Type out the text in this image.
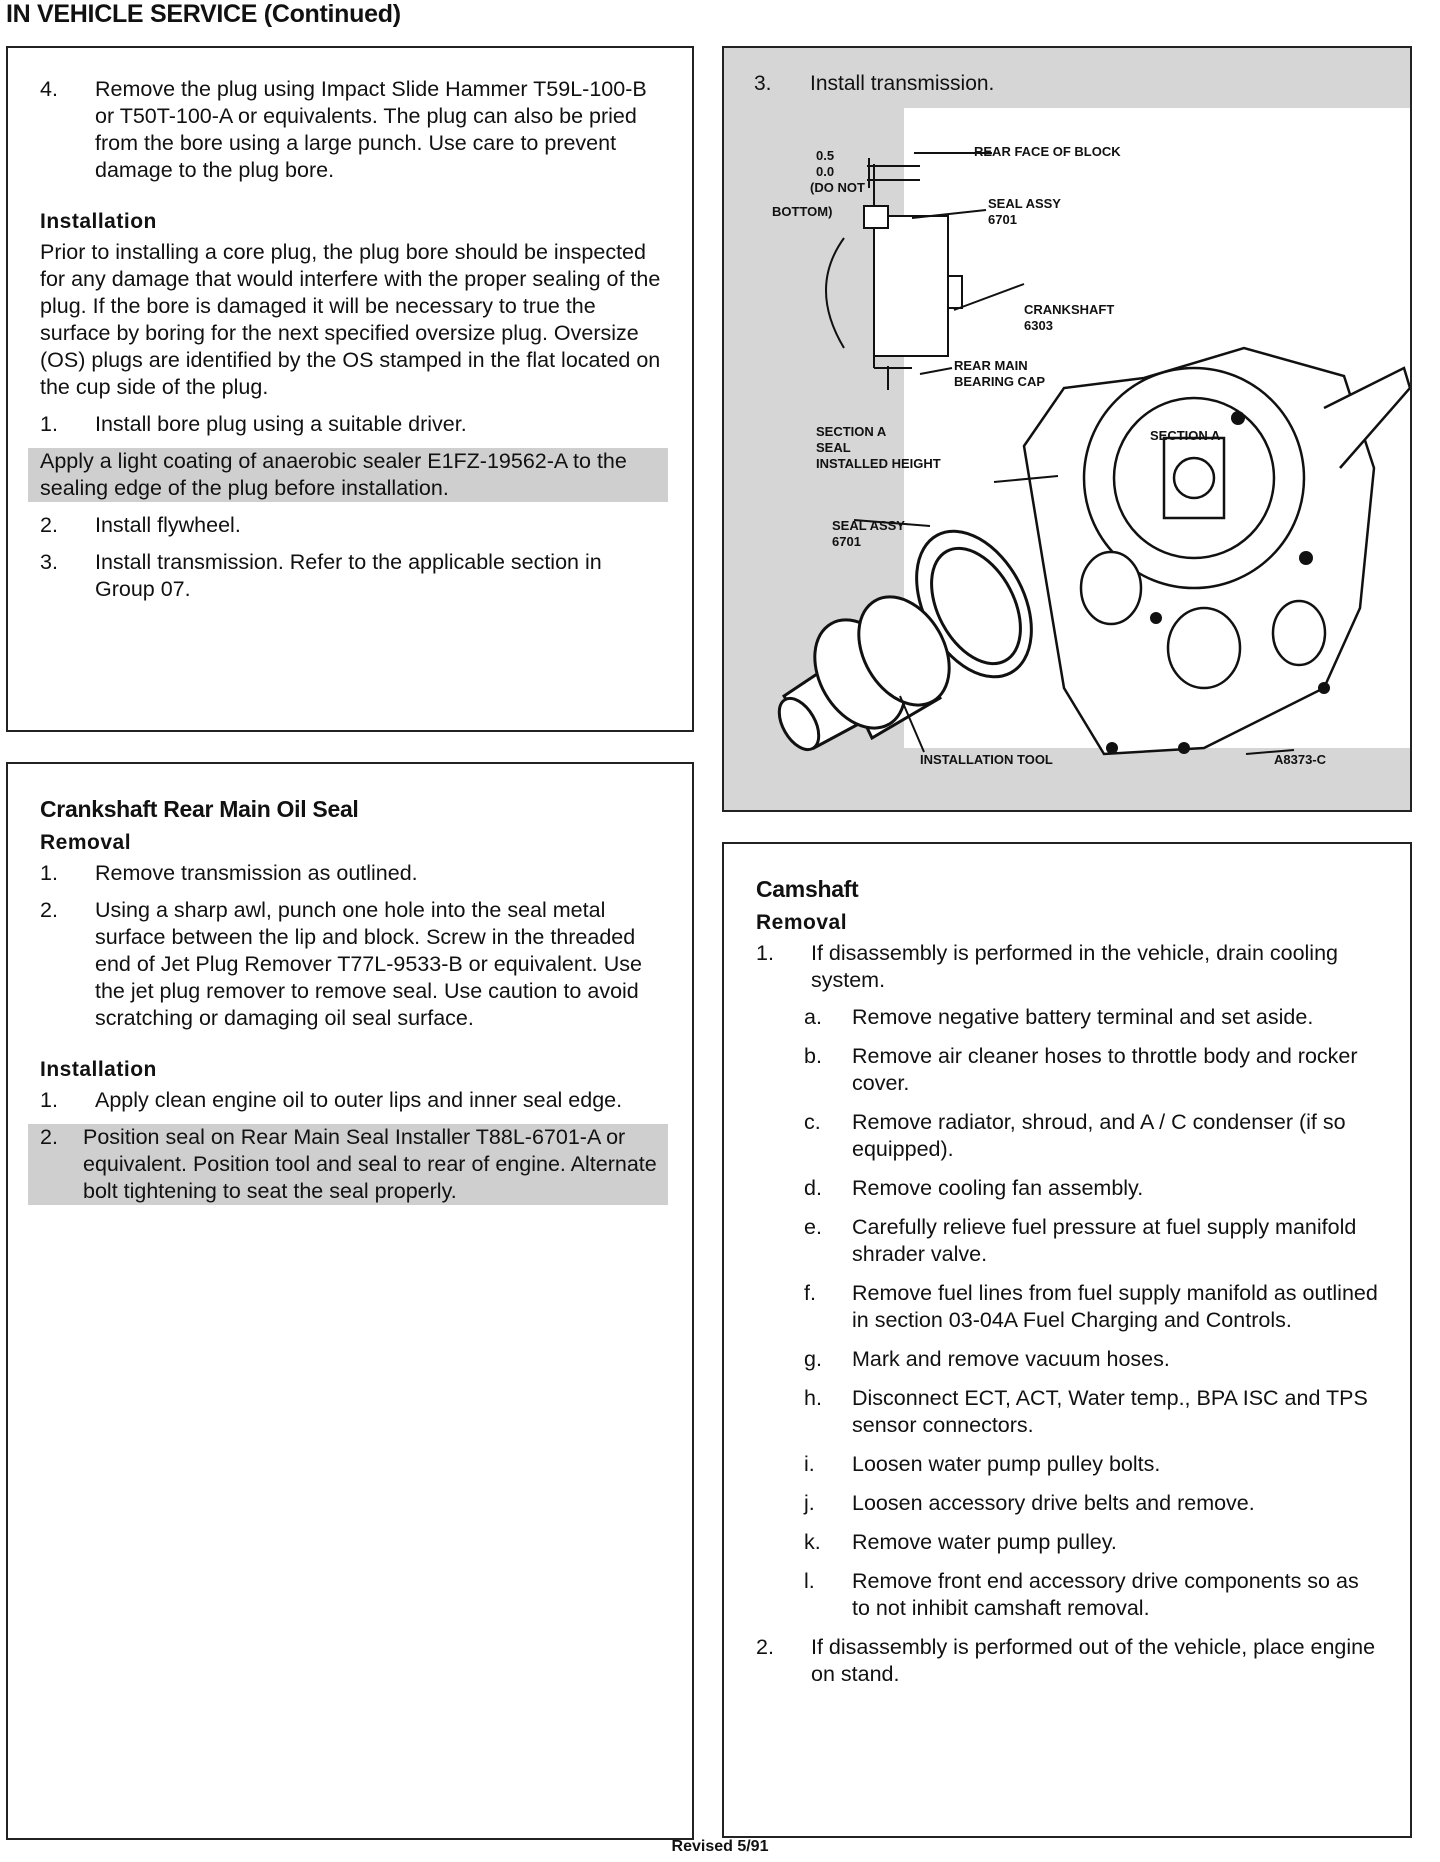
IN VEHICLE SERVICE (Continued)
4.	Remove the plug using Impact Slide Hammer T59L-100-B or T50T-100-A or equivalents. The plug can also be pried from the bore using a large punch. Use care to prevent damage to the plug bore.
Installation

Prior to installing a core plug, the plug bore should be inspected for any damage that would interfere with the proper sealing of the plug. If the bore is damaged it will be necessary to true the surface by boring for the next specified oversize plug. Oversize (OS) plugs are identified by the OS stamped in the flat located on the cup side of the plug.

1.	Install bore plug using a suitable driver.

Apply a light coating of anaerobic sealer E1FZ-19562-A to the sealing edge of the plug before installation.

2.	Install flywheel.
3.	Install transmission. Refer to the applicable section in Group 07.
Crankshaft Rear Main Oil Seal
Removal
1.	Remove transmission as outlined.
2.	Using a sharp awl, punch one hole into the seal metal surface between the lip and block. Screw in the threaded end of Jet Plug Remover T77L-9533-B or equivalent. Use the jet plug remover to remove seal. Use caution to avoid scratching or damaging oil seal surface.
Installation
1.	Apply clean engine oil to outer lips and inner seal edge.
2.	Position seal on Rear Main Seal Installer T88L-6701-A or equivalent. Position tool and seal to rear of engine. Alternate bolt tightening to seat the seal properly.
3. Install transmission.
0.5
0.0
(DO NOT
BOTTOM)
REAR FACE OF BLOCK
SEAL ASSY
6701
CRANKSHAFT
6303
REAR MAIN
BEARING CAP
SECTION A
SEAL
INSTALLED HEIGHT
SECTION A
SEAL ASSY
6701
INSTALLATION TOOL	A8373-C
Camshaft
Removal
1.	If disassembly is performed in the vehicle, drain cooling system.
a.	Remove negative battery terminal and set aside.
b.	Remove air cleaner hoses to throttle body and rocker cover.
c.	Remove radiator, shroud, and A / C condenser (if so equipped).
d.	Remove cooling fan assembly.
e.	Carefully relieve fuel pressure at fuel supply manifold shrader valve.
f.	Remove fuel lines from fuel supply manifold as outlined in section 03-04A Fuel Charging and Controls.
g.	Mark and remove vacuum hoses.
h.	Disconnect ECT, ACT, Water temp., BPA ISC and TPS sensor connectors.
i.	Loosen water pump pulley bolts.
j.	Loosen accessory drive belts and remove.
k.	Remove water pump pulley.
l.	Remove front end accessory drive components so as to not inhibit camshaft removal.
2.	If disassembly is performed out of the vehicle, place engine on stand.
Revised 5/91
